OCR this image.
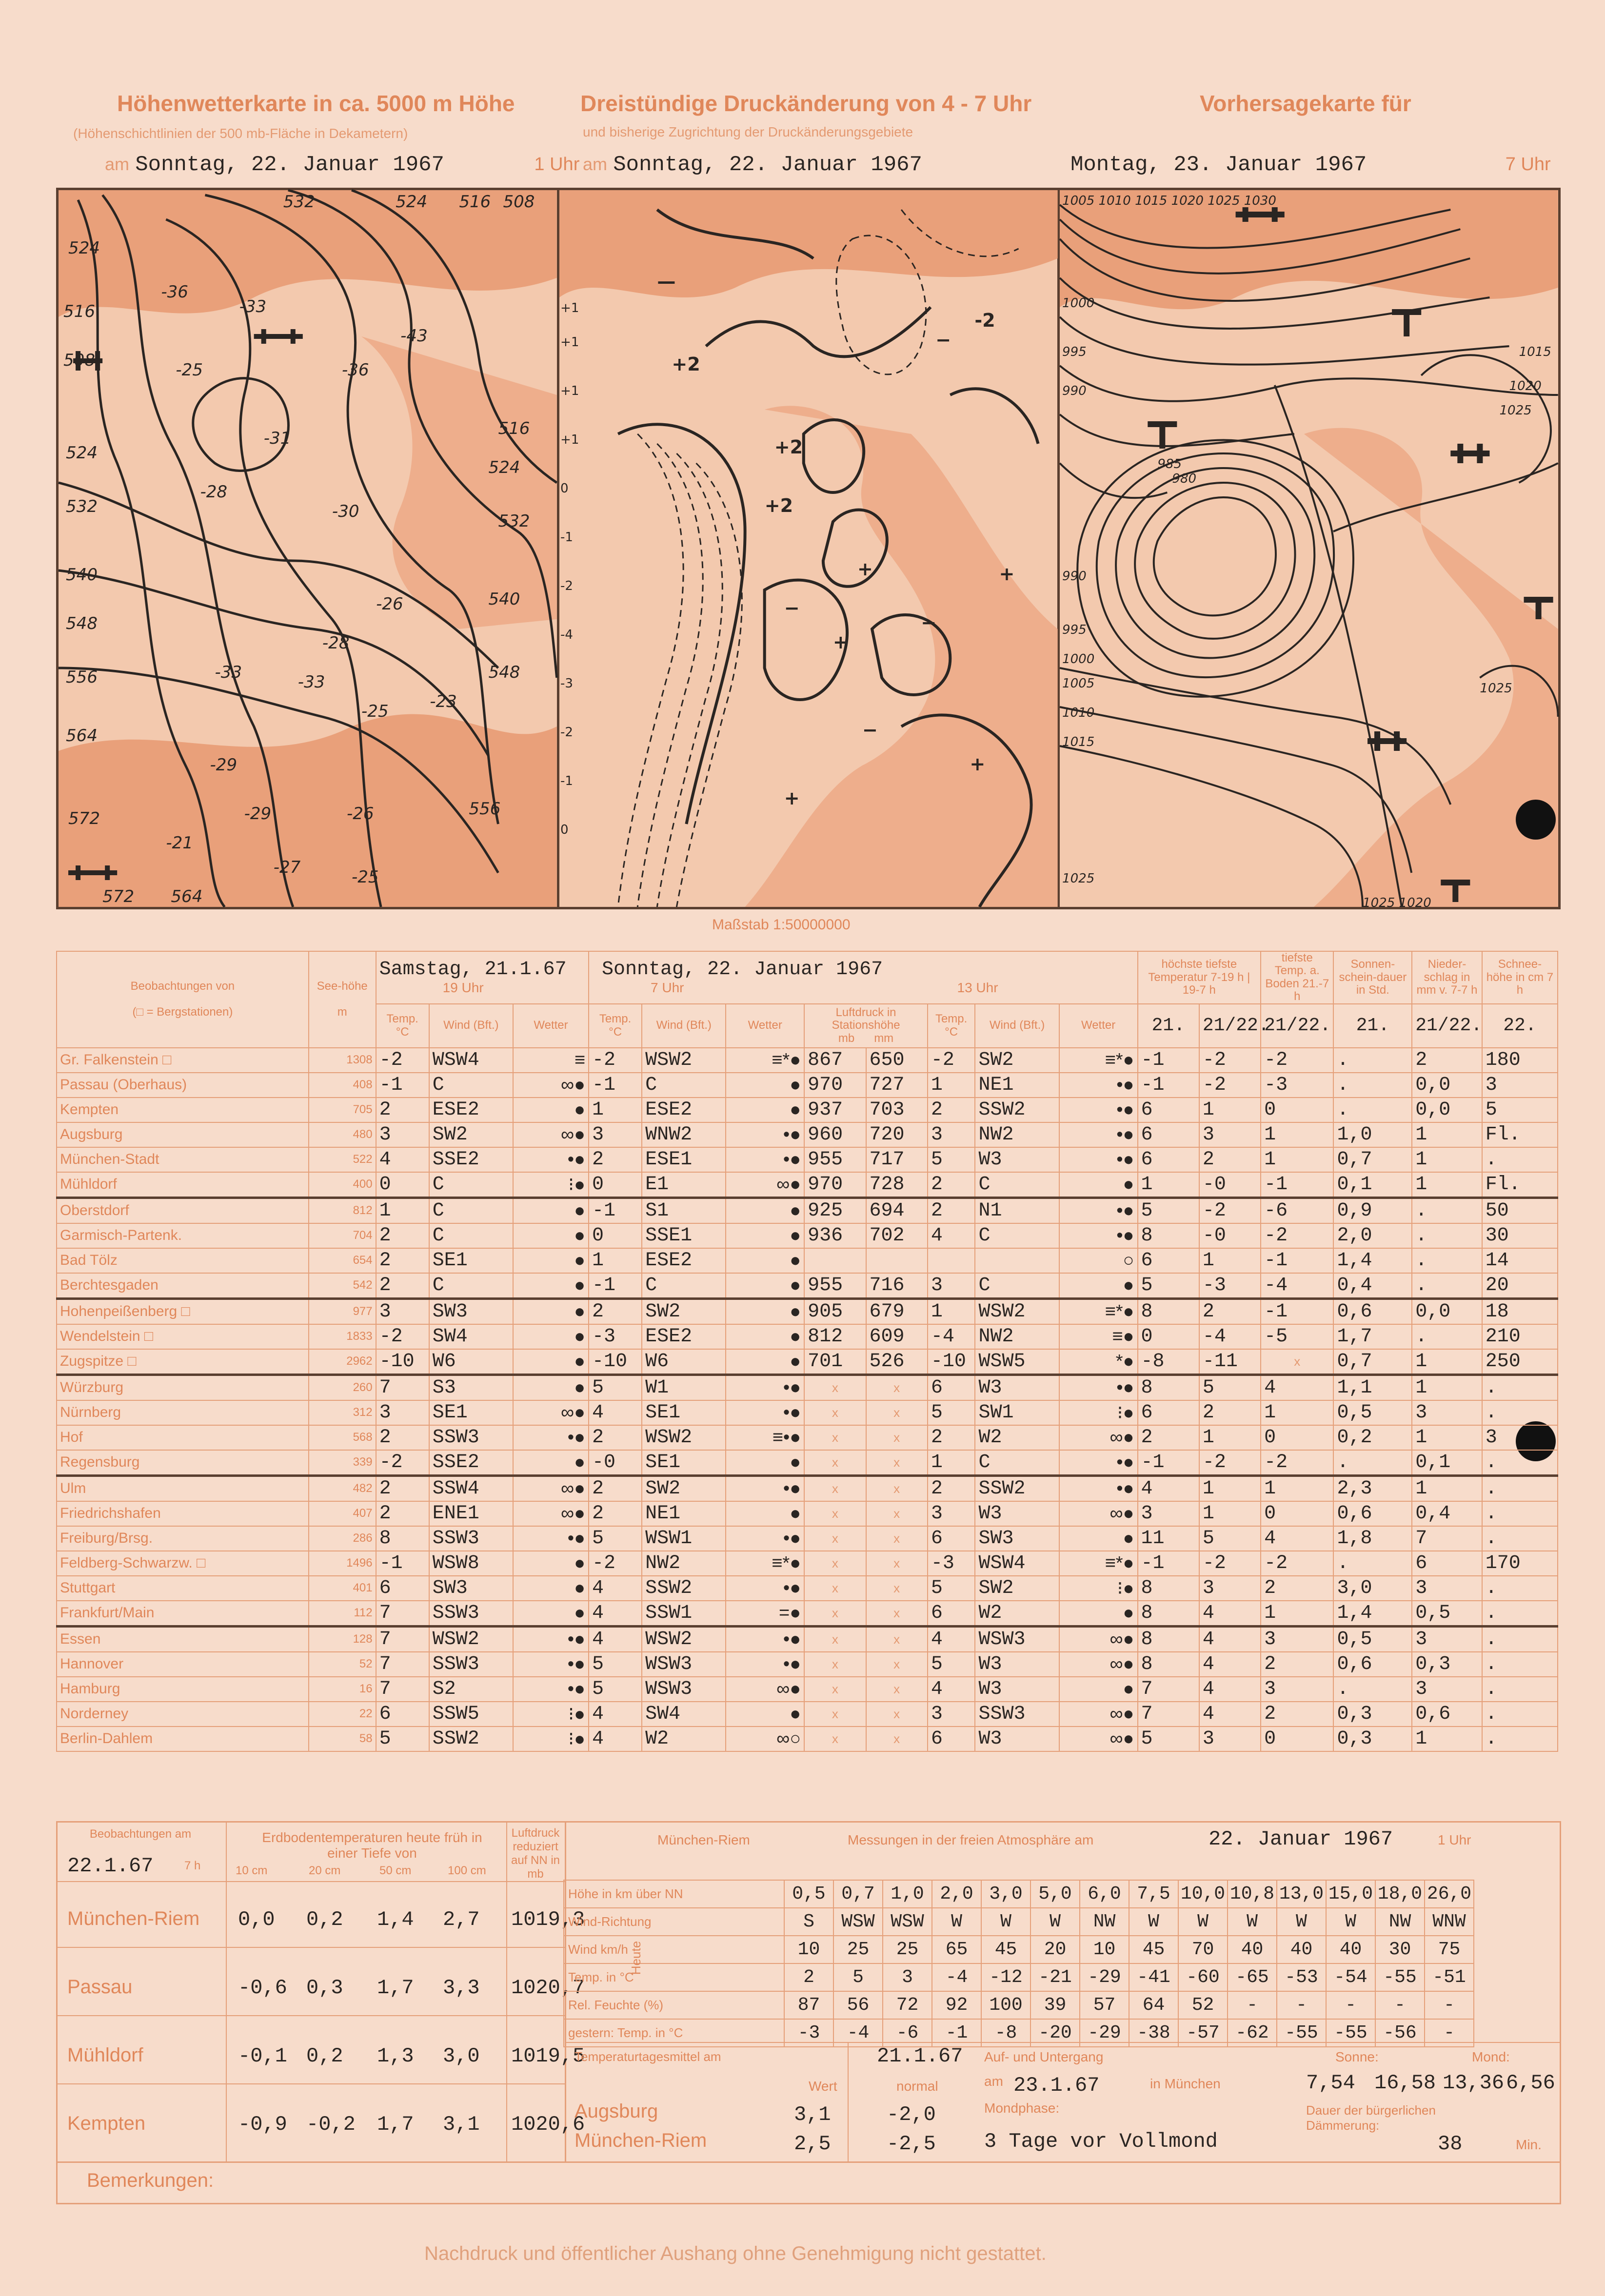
Höhenwetterkarte in ca. 5000 m Höhe
(Höhenschichtlinien der 500 mb-Fläche in Dekametern)
am Sonntag, 22. Januar 1967	1 Uhr
Dreistündige Druckänderung von 4 - 7 Uhr
und bisherige Zugrichtung der Druckänderungsgebiete
am Sonntag, 22. Januar 1967
Vorhersagekarte für
Montag, 23. Januar 1967	7 Uhr
524
516
508
524
532
540
548
556
564
572
-36
-33
-25	-36
-43
-31
-28
-30
-26
-28
-33
-33
-23
-25
-29
-29	-26
-21
-27
-25
572 564
556
548
540
532
524
516
532	524 516 508
—
+2
+2
+2
+
−
+
−
+
−
+
+
−
-2
+1
+1
+1
+1
0
-1
-2
-4
-3
-2
-1
0
1005 1010 1015 1020 1025 1030
1000
995
990
990
995
1000
1005
1010
1015
1025
985
980
1025
1015
1020
1025
1025 1020
Maßstab 1:50000000
Beobachtungen von

(□ = Bergstationen)	See-höhe

m	Samstag, 21.1.67
19 Uhr			Sonntag, 22. Januar 1967
7 Uhr 13 Uhr								höchste tiefste Temperatur 7-19 h | 19-7 h		tiefste Temp. a. Boden 21.-7 h	Sonnen-schein-dauer in Std.	Nieder-schlag in mm v. 7-7 h	Schnee-höhe in cm 7 h
		Temp. °C	Wind (Bft.)	Wetter	Temp. °C	Wind (Bft.)	Wetter	Luftdruck in Stationshöhe
mb mm		Temp. °C	Wind (Bft.)	Wetter	21.	21/22.	21/22.	21.	21/22.	22.
Gr. Falkenstein □	1308	-2	WSW4	≡	-2	WSW2	≡*●	867	650	-2	SW2	≡*●	-1	-2	-2	.	2	180
Passau (Oberhaus)	408	-1	C	∞●	-1	C	●	970	727	1	NE1	•●	-1	-2	-3	.	0,0	3
Kempten	705	2	ESE2	●	1	ESE2	●	937	703	2	SSW2	•●	6	1	0	.	0,0	5
Augsburg	480	3	SW2	∞●	3	WNW2	•●	960	720	3	NW2	•●	6	3	1	1,0	1	Fl.
München-Stadt	522	4	SSE2	•●	2	ESE1	•●	955	717	5	W3	•●	6	2	1	0,7	1	.
Mühldorf	400	0	C	⁝●	0	E1	∞●	970	728	2	C	●	1	-0	-1	0,1	1	Fl.
Oberstdorf	812	1	C	●	-1	S1	●	925	694	2	N1	•●	5	-2	-6	0,9	.	50
Garmisch-Partenk.	704	2	C	●	0	SSE1	●	936	702	4	C	•●	8	-0	-2	2,0	.	30
Bad Tölz	654	2	SE1	●	1	ESE2	●					○	6	1	-1	1,4	.	14
Berchtesgaden	542	2	C	●	-1	C	●	955	716	3	C	●	5	-3	-4	0,4	.	20
Hohenpeißenberg □	977	3	SW3	●	2	SW2	●	905	679	1	WSW2	≡*●	8	2	-1	0,6	0,0	18
Wendelstein □	1833	-2	SW4	●	-3	ESE2	●	812	609	-4	NW2	≡●	0	-4	-5	1,7	.	210
Zugspitze □	2962	-10	W6	●	-10	W6	●	701	526	-10	WSW5	*●	-8	-11	x	0,7	1	250
Würzburg	260	7	S3	●	5	W1	•●	x	x	6	W3	•●	8	5	4	1,1	1	.
Nürnberg	312	3	SE1	∞●	4	SE1	•●	x	x	5	SW1	⁝●	6	2	1	0,5	3	.
Hof	568	2	SSW3	•●	2	WSW2	≡•●	x	x	2	W2	∞●	2	1	0	0,2	1	3
Regensburg	339	-2	SSE2	●	-0	SE1	●	x	x	1	C	•●	-1	-2	-2	.	0,1	.
Ulm	482	2	SSW4	∞●	2	SW2	•●	x	x	2	SSW2	•●	4	1	1	2,3	1	.
Friedrichshafen	407	2	ENE1	∞●	2	NE1	●	x	x	3	W3	∞●	3	1	0	0,6	0,4	.
Freiburg/Brsg.	286	8	SSW3	•●	5	WSW1	•●	x	x	6	SW3	●	11	5	4	1,8	7	.
Feldberg-Schwarzw. □	1496	-1	WSW8	●	-2	NW2	≡*●	x	x	-3	WSW4	≡*●	-1	-2	-2	.	6	170
Stuttgart	401	6	SW3	●	4	SSW2	•●	x	x	5	SW2	⁝●	8	3	2	3,0	3	.
Frankfurt/Main	112	7	SSW3	●	4	SSW1	=●	x	x	6	W2	●	8	4	1	1,4	0,5	.
Essen	128	7	WSW2	•●	4	WSW2	•●	x	x	4	WSW3	∞●	8	4	3	0,5	3	.
Hannover	52	7	SSW3	•●	5	WSW3	•●	x	x	5	W3	∞●	8	4	2	0,6	0,3	.
Hamburg	16	7	S2	•●	5	WSW3	∞●	x	x	4	W3	●	7	4	3	.	3	.
Norderney	22	6	SSW5	⁝●	4	SW4	●	x	x	3	SSW3	∞●	7	4	2	0,3	0,6	.
Berlin-Dahlem	58	5	SSW2	⁝●	4	W2	∞○	x	x	6	W3	∞●	5	3	0	0,3	1	.
Beobachtungen am
22.1.67	7 h
Erdbodentemperaturen heute früh in einer Tiefe von
10 cm	20 cm	50 cm	100 cm
Luftdruck reduziert auf NN in mb
München-Riem 0,0 0,2 1,4 2,7 1019,3
Passau	-0,6 0,3 1,7 3,3 1020,7
Mühldorf	-0,1 0,2 1,3 3,0 1019,5
Kempten	-0,9 -0,2 1,7 3,1 1020,6
München-Riem	Messungen in der freien Atmosphäre am	22. Januar 1967	1 Uhr
Temperaturtagesmittel am	21.1.67
Wert	normal
Augsburg	3,1	-2,0
München-Riem	2,5	-2,5
Auf- und Untergang
am 23.1.67	in München
Sonne:
7,54 16,58
Mond:
13,36 6,56
Mondphase:
3 Tage vor Vollmond
Dauer der bürgerlichen Dämmerung:
38	Min.
Bemerkungen:
Höhe in km über NN	0,5	0,7	1,0	2,0	3,0	5,0	6,0	7,5	10,0	10,8	13,0	15,0	18,0	26,0
Wind-Richtung	S	WSW	WSW	W	W	W	NW	W	W	W	W	W	NW	WNW
Wind km/h	10	25	25	65	45	20	10	45	70	40	40	40	30	75
Temp. in °C	2	5	3	-4	-12	-21	-29	-41	-60	-65	-53	-54	-55	-51
Rel. Feuchte (%)	87	56	72	92	100	39	57	64	52	-	-	-	-	-
gestern: Temp. in °C	-3	-4	-6	-1	-8	-20	-29	-38	-57	-62	-55	-55	-56	-
Nachdruck und öffentlicher Aushang ohne Genehmigung nicht gestattet.
Heute
